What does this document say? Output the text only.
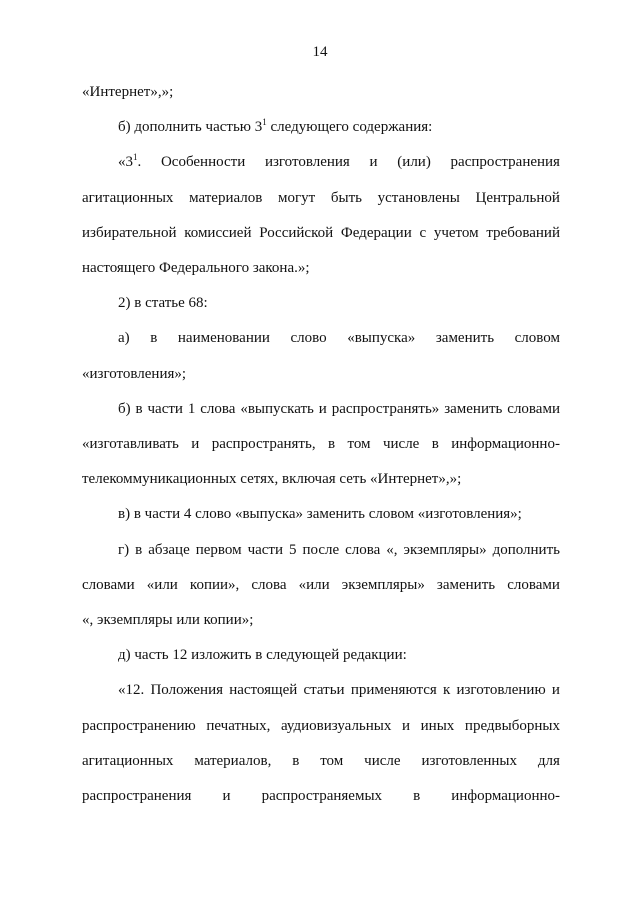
14
«Интернет»,»;
б) дополнить частью $3^1$ следующего содержания:
«$3^1$. Особенности изготовления и (или) распространения
агитационных материалов могут быть установлены Центральной
избирательной комиссией Российской Федерации с учетом требований
настоящего Федерального закона.»;
2) в статье 68:
а) в наименовании слово «выпуска» заменить словом
«изготовления»;
б) в части 1 слова «выпускать и распространять» заменить словами
«изготавливать и распространять, в том числе в информационно-
телекоммуникационных сетях, включая сеть «Интернет»,»;
в) в части 4 слово «выпуска» заменить словом «изготовления»;
г) в абзаце первом части 5 после слова «, экземпляры» дополнить
словами «или копии», слова «или экземпляры» заменить словами
«, экземпляры или копии»;
д) часть 12 изложить в следующей редакции:
«12. Положения настоящей статьи применяются к изготовлению и
распространению печатных, аудиовизуальных и иных предвыборных
агитационных материалов, в том числе изготовленных для
распространения и распространяемых в информационно-
